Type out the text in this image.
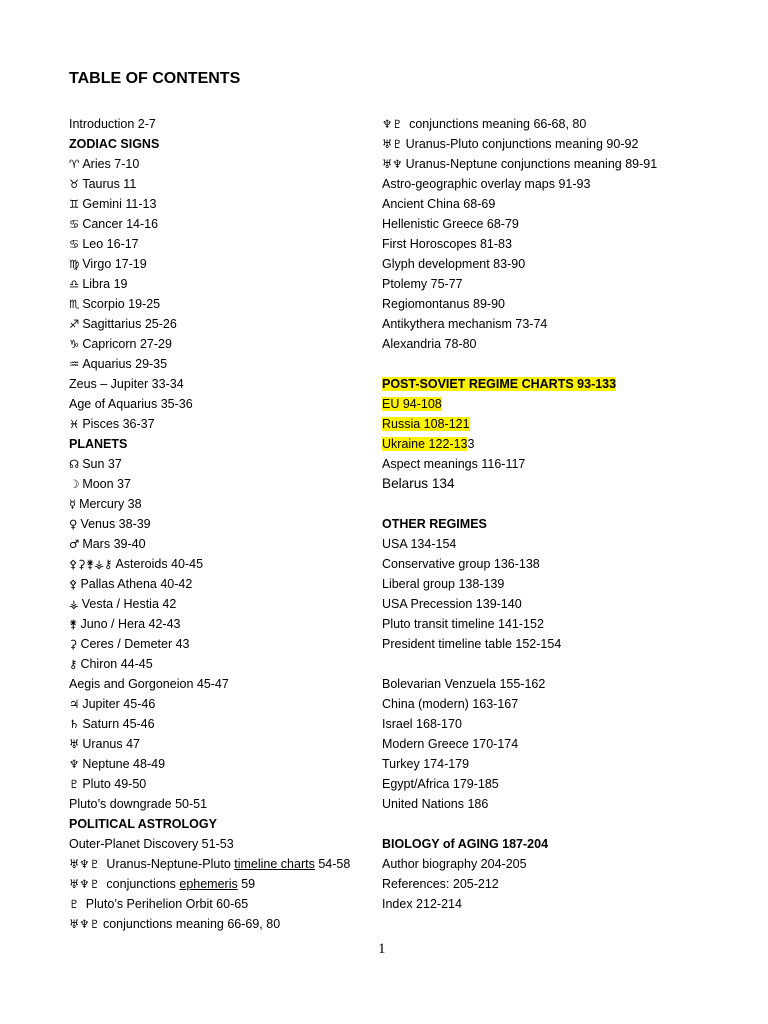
TABLE OF CONTENTS
Introduction 2-7
ZODIAC SIGNS
♈ Aries 7-10
♉ Taurus 11
♊ Gemini 11-13
♋ Cancer 14-16
♋ Leo 16-17
♍ Virgo 17-19
♎ Libra 19
♏ Scorpio 19-25
♐ Sagittarius 25-26
♑ Capricorn 27-29
♒ Aquarius 29-35
Zeus – Jupiter 33-34
Age of Aquarius 35-36
♓ Pisces 36-37
PLANETS
☊ Sun 37
☽ Moon 37
☿ Mercury 38
♀ Venus 38-39
♂ Mars 39-40
⚴⚳⚵⚶⚷ Asteroids 40-45
⚴ Pallas Athena 40-42
⚶ Vesta / Hestia 42
⚵ Juno / Hera 42-43
⚳ Ceres / Demeter 43
⚷ Chiron 44-45
Aegis and Gorgoneion 45-47
♃ Jupiter 45-46
♄ Saturn 45-46
♅ Uranus 47
♆ Neptune 48-49
♇ Pluto 49-50
Pluto’s downgrade 50-51
POLITICAL ASTROLOGY
Outer-Planet Discovery 51-53
♅♆♇ Uranus-Neptune-Pluto timeline charts 54-58
♅♆♇ conjunctions ephemeris 59
♇ Pluto’s Perihelion Orbit 60-65
♅♆♇ conjunctions meaning 66-69, 80
♆♇ conjunctions meaning 66-68, 80
♅♇ Uranus-Pluto conjunctions meaning 90-92
♅♆ Uranus-Neptune conjunctions meaning 89-91
Astro-geographic overlay maps 91-93
Ancient China 68-69
Hellenistic Greece 68-79
First Horoscopes 81-83
Glyph development 83-90
Ptolemy 75-77
Regiomontanus 89-90
Antikythera mechanism 73-74
Alexandria 78-80
POST-SOVIET REGIME CHARTS 93-133
EU 94-108
Russia 108-121
Ukraine 122-133
Aspect meanings 116-117
Belarus 134
OTHER REGIMES
USA 134-154
Conservative group 136-138
Liberal group 138-139
USA Precession 139-140
Pluto transit timeline 141-152
President timeline table 152-154
Bolevarian Venzuela 155-162
China (modern) 163-167
Israel 168-170
Modern Greece 170-174
Turkey 174-179
Egypt/Africa 179-185
United Nations 186
BIOLOGY of AGING 187-204
Author biography 204-205
References: 205-212
Index 212-214
1
